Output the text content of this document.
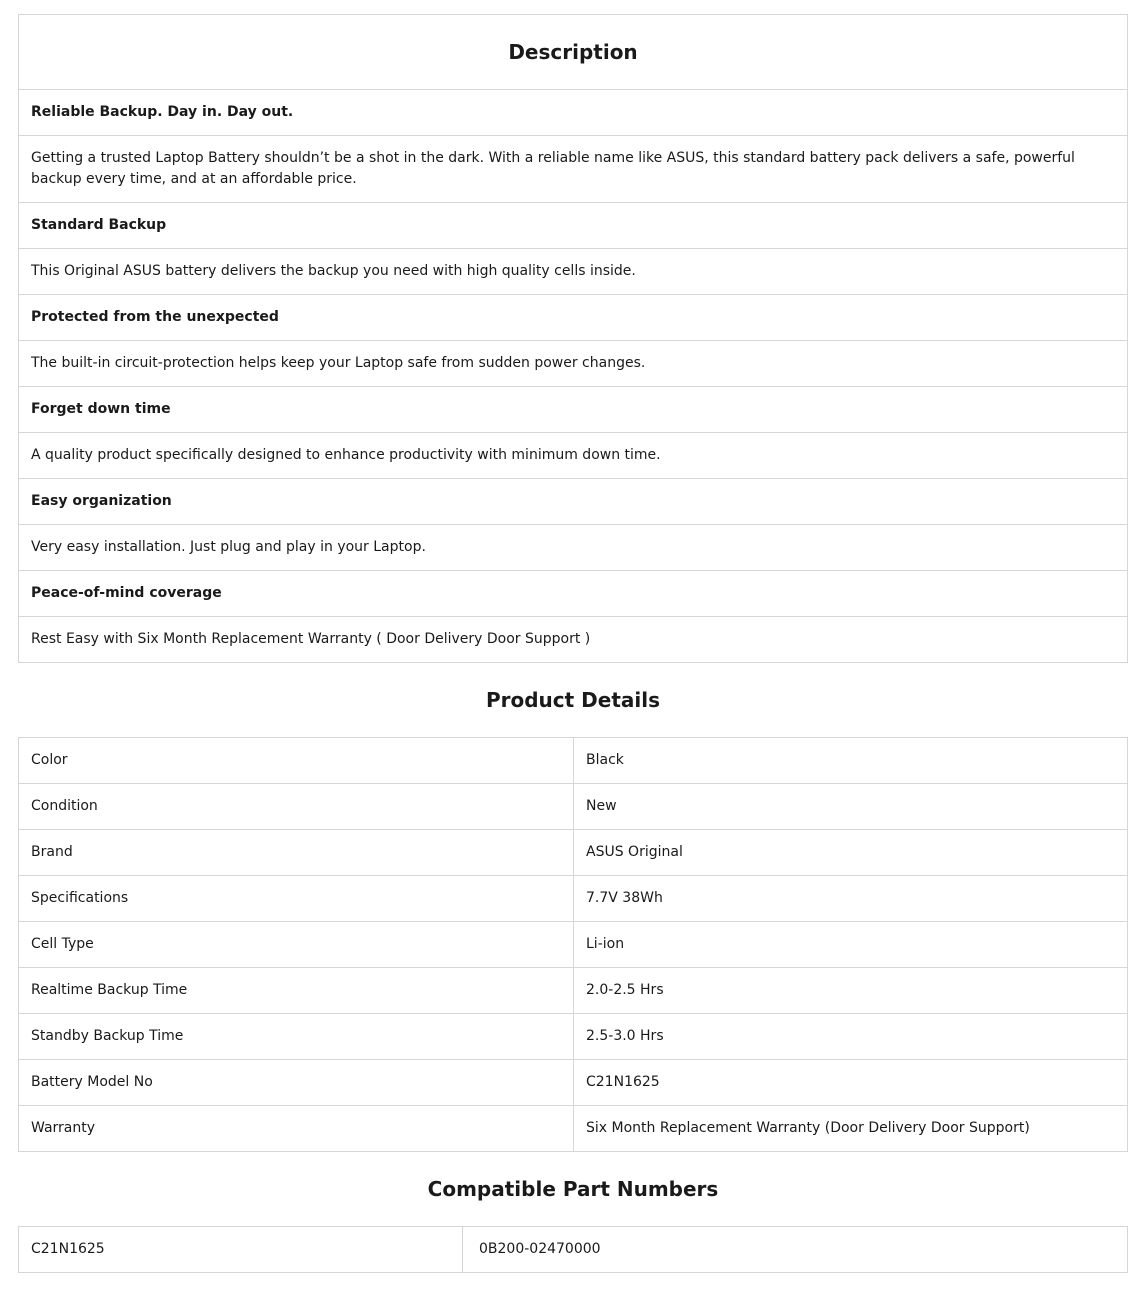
Description
Reliable Backup. Day in. Day out.
Getting a trusted Laptop Battery shouldn’t be a shot in the dark. With a reliable name like ASUS, this standard battery pack delivers a safe, powerful backup every time, and at an affordable price.
Standard Backup
This Original ASUS battery delivers the backup you need with high quality cells inside.
Protected from the unexpected
The built-in circuit-protection helps keep your Laptop safe from sudden power changes.
Forget down time
A quality product specifically designed to enhance productivity with minimum down time.
Easy organization
Very easy installation. Just plug and play in your Laptop.
Peace-of-mind coverage
Rest Easy with Six Month Replacement Warranty ( Door Delivery Door Support )
Product Details
Color	Black
Condition	New
Brand	ASUS Original
Specifications	7.7V 38Wh
Cell Type	Li-ion
Realtime Backup Time	2.0-2.5 Hrs
Standby Backup Time	2.5-3.0 Hrs
Battery Model No	C21N1625
Warranty	Six Month Replacement Warranty (Door Delivery Door Support)
Compatible Part Numbers
C21N1625	0B200-02470000
